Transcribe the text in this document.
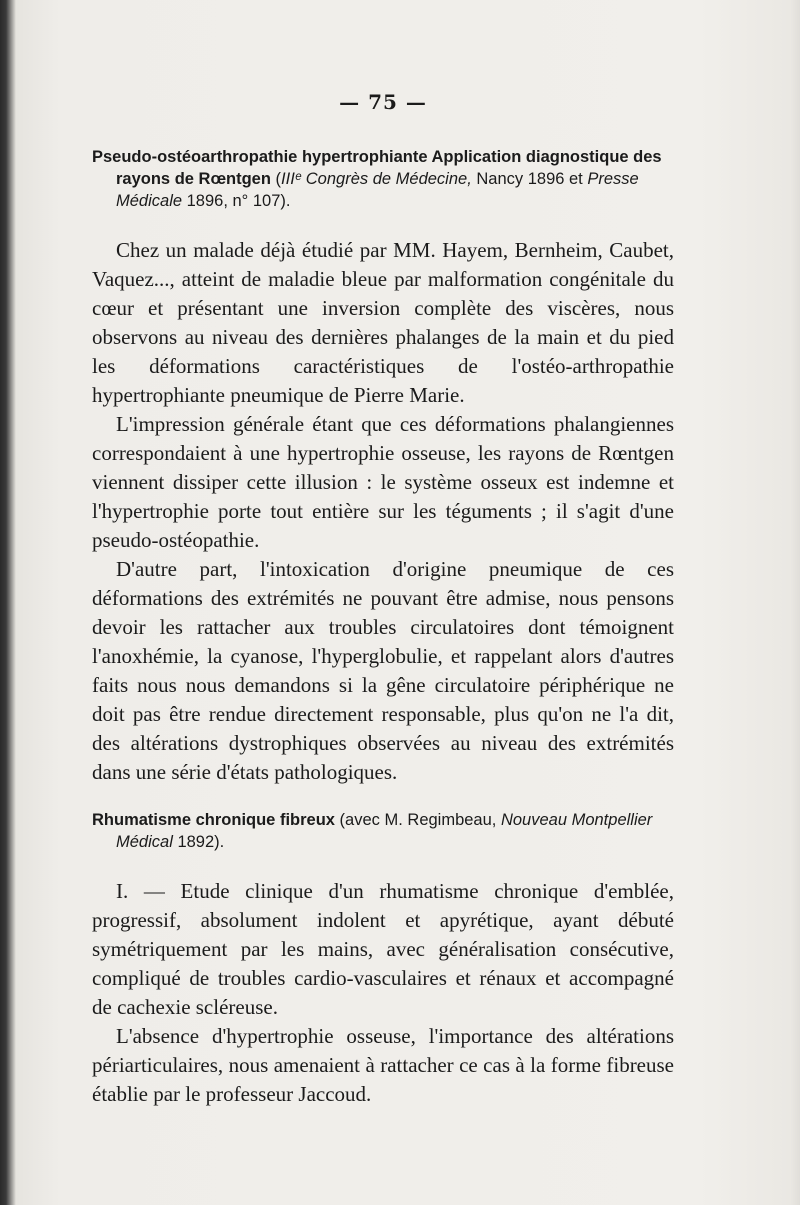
— 75 —

Pseudo-ostéoarthropathie hypertrophiante Application diagnostique des rayons de Rœntgen (IIIᵉ Congrès de Médecine, Nancy 1896 et Presse Médicale 1896, n° 107).

Chez un malade déjà étudié par MM. Hayem, Bernheim, Caubet, Vaquez..., atteint de maladie bleue par malformation congénitale du cœur et présentant une inversion complète des viscères, nous observons au niveau des dernières phalanges de la main et du pied les déformations caractéristiques de l'ostéo-arthropathie hypertrophiante pneumique de Pierre Marie.

L'impression générale étant que ces déformations phalangiennes correspondaient à une hypertrophie osseuse, les rayons de Rœntgen viennent dissiper cette illusion : le système osseux est indemne et l'hypertrophie porte tout entière sur les téguments ; il s'agit d'une pseudo-ostéopathie.

D'autre part, l'intoxication d'origine pneumique de ces déformations des extrémités ne pouvant être admise, nous pensons devoir les rattacher aux troubles circulatoires dont témoignent l'anoxhémie, la cyanose, l'hyperglobulie, et rappelant alors d'autres faits nous nous demandons si la gêne circulatoire périphérique ne doit pas être rendue directement responsable, plus qu'on ne l'a dit, des altérations dystrophiques observées au niveau des extrémités dans une série d'états pathologiques.

Rhumatisme chronique fibreux (avec M. Regimbeau, Nouveau Montpellier Médical 1892).

I. — Etude clinique d'un rhumatisme chronique d'emblée, progressif, absolument indolent et apyrétique, ayant débuté symétriquement par les mains, avec généralisation consécutive, compliqué de troubles cardio-vasculaires et rénaux et accompagné de cachexie scléreuse.

L'absence d'hypertrophie osseuse, l'importance des altérations périarticulaires, nous amenaient à rattacher ce cas à la forme fibreuse établie par le professeur Jaccoud.
